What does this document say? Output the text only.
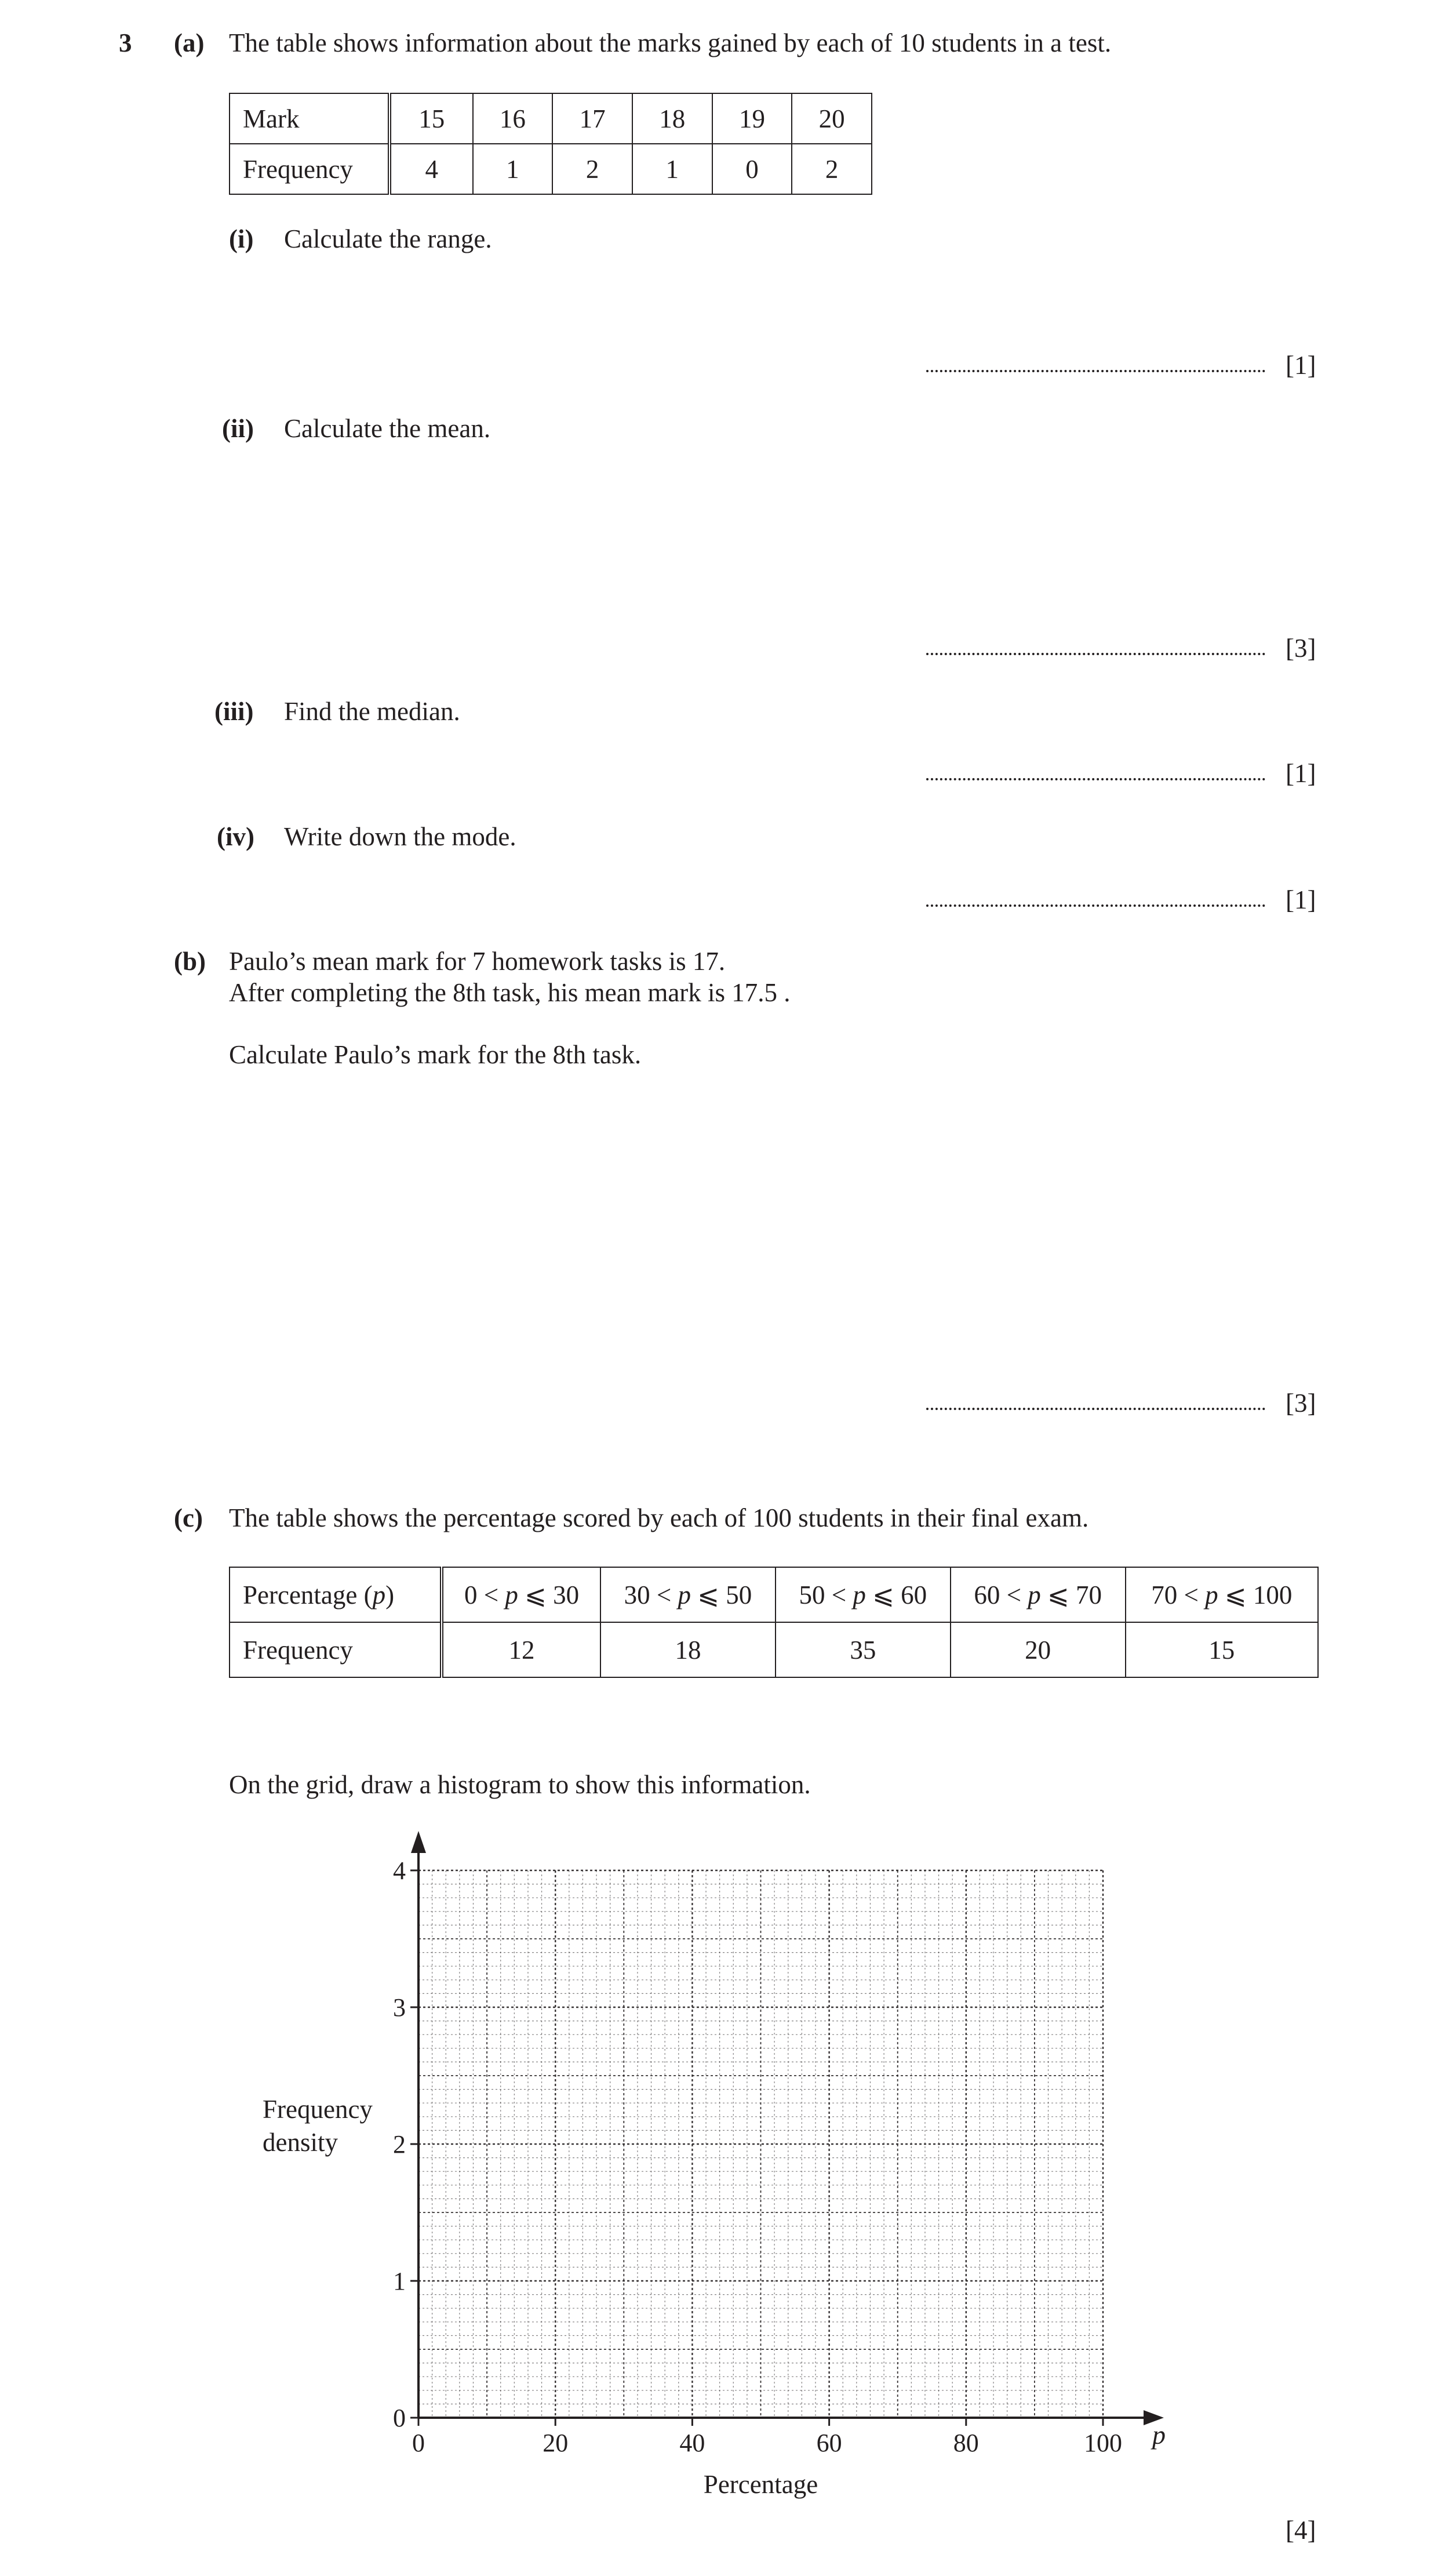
3 (a) The table shows information about the marks gained by each of 10 students in a test.
Mark	15	16	17	18	19	20
Frequency	4	1	2	1	0	2
(i) Calculate the range.
[1]
(ii) Calculate the mean.
[3]
(iii) Find the median.
[1]
(iv) Write down the mode.
[1]
(b) Paulo’s mean mark for 7 homework tasks is 17.
After completing the 8th task, his mean mark is 17.5 .
Calculate Paulo’s mark for the 8th task.
[3]
(c) The table shows the percentage scored by each of 100 students in their final exam.
Percentage (p)	0 < p ⩽ 30	30 < p ⩽ 50	50 < p ⩽ 60	60 < p ⩽ 70	70 < p ⩽ 100
Frequency	12	18	35	20	15
On the grid, draw a histogram to show this information.
0	20	40	60	80	100
0
1
2
3
4
p
Percentage
Frequency
density
[4]
